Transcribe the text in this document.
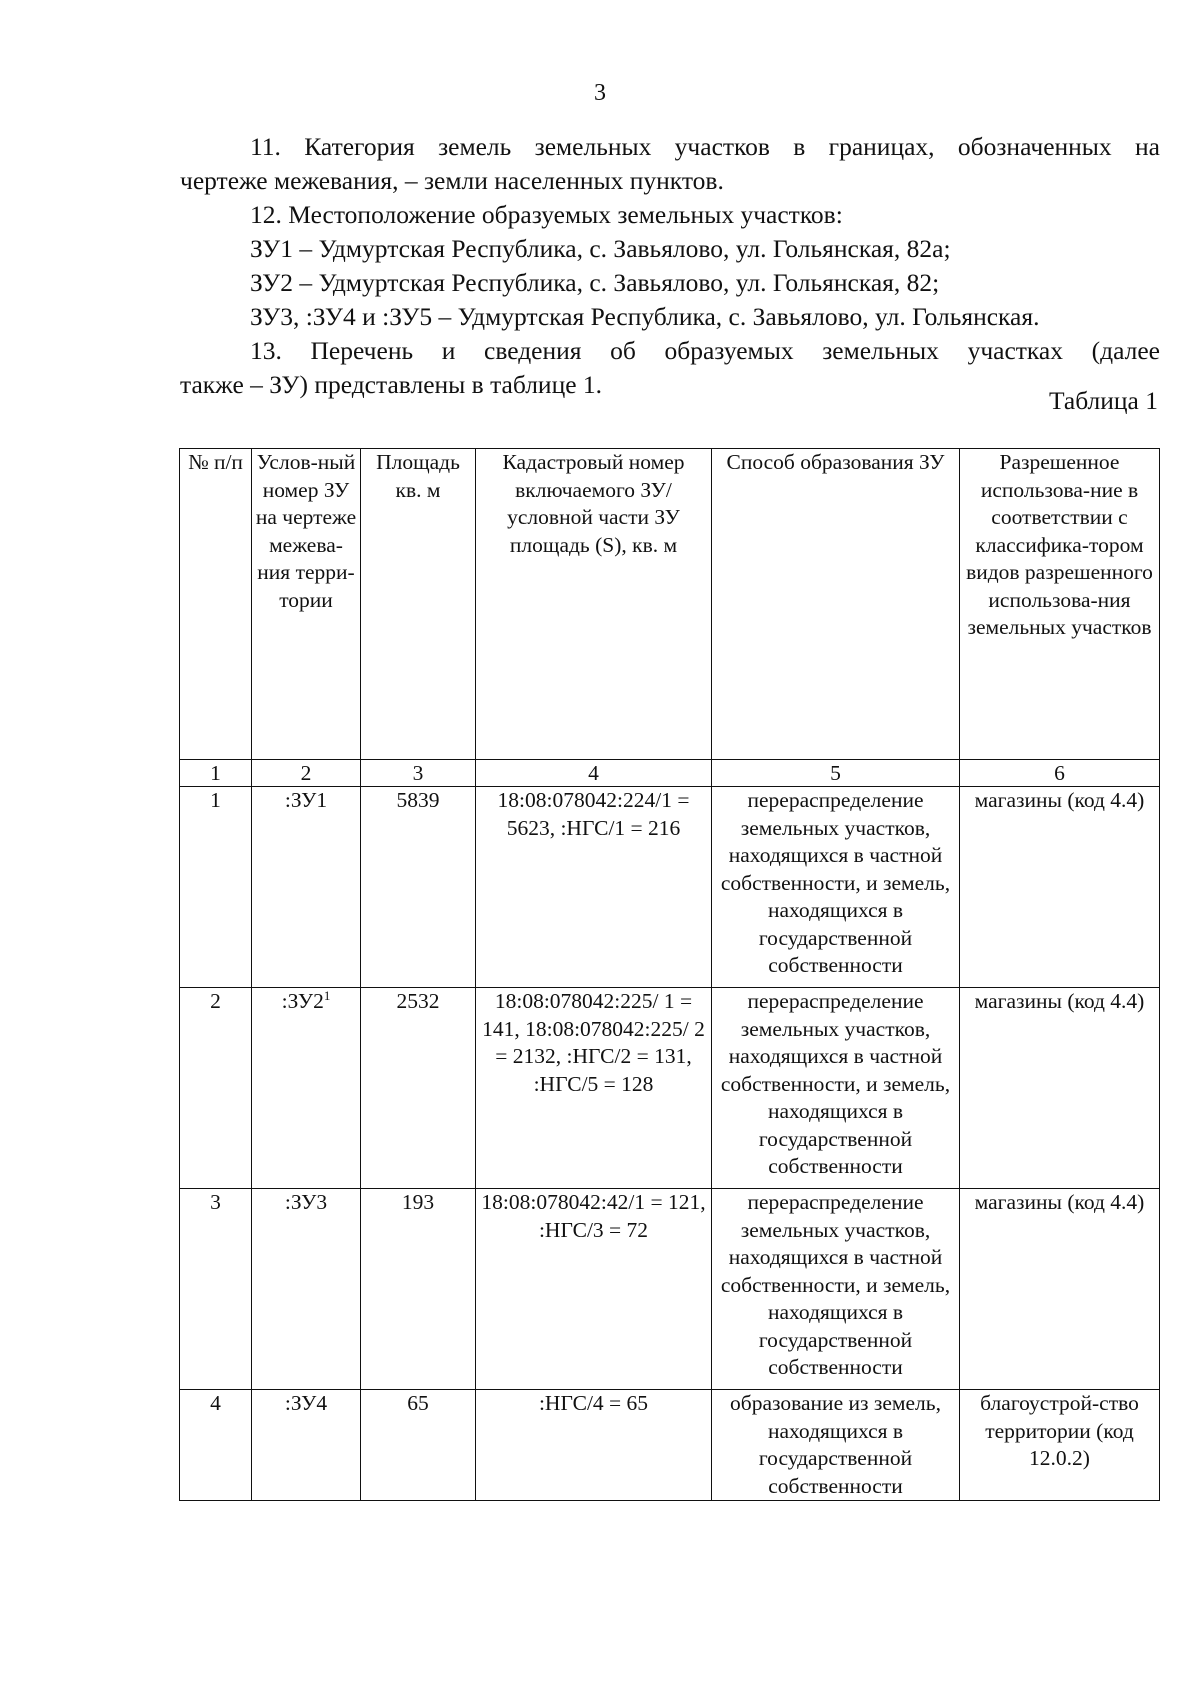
3

11. Категория земель земельных участков в границах, обозначенных на

чертеже межевания, – земли населенных пунктов.

12. Местоположение образуемых земельных участков:

ЗУ1 – Удмуртская Республика, с. Завьялово, ул. Гольянская, 82а;

ЗУ2 – Удмуртская Республика, с. Завьялово, ул. Гольянская, 82;

ЗУ3, :ЗУ4 и :ЗУ5 – Удмуртская Республика, с. Завьялово, ул. Гольянская.

13. Перечень и сведения об образуемых земельных участках (далее

также – ЗУ) представлены в таблице 1.

Таблица 1
№ п/п	Услов-ный номер ЗУ на чертеже межева-ния терри-тории	Площадь кв. м	Кадастровый номер включаемого ЗУ/ условной части ЗУ площадь (S), кв. м	Способ образования ЗУ	Разрешенное использова-ние в соответствии с классифика-тором видов разрешенного использова-ния земельных участков
1	2	3	4	5	6
1	:ЗУ1	5839	18:08:078042:224/1 = 5623, :НГС/1 = 216	перераспределение земельных участков, находящихся в частной собственности, и земель, находящихся в государственной собственности	магазины (код 4.4)
2	$:ЗУ2^1$	2532	18:08:078042:225/ 1 = 141, 18:08:078042:225/ 2 = 2132, :НГС/2 = 131, :НГС/5 = 128	перераспределение земельных участков, находящихся в частной собственности, и земель, находящихся в государственной собственности	магазины (код 4.4)
3	:ЗУ3	193	18:08:078042:42/1 = 121, :НГС/3 = 72	перераспределение земельных участков, находящихся в частной собственности, и земель, находящихся в государственной собственности	магазины (код 4.4)
4	:ЗУ4	65	:НГС/4 = 65	образование из земель, находящихся в государственной собственности	благоустрой-ство территории (код 12.0.2)
